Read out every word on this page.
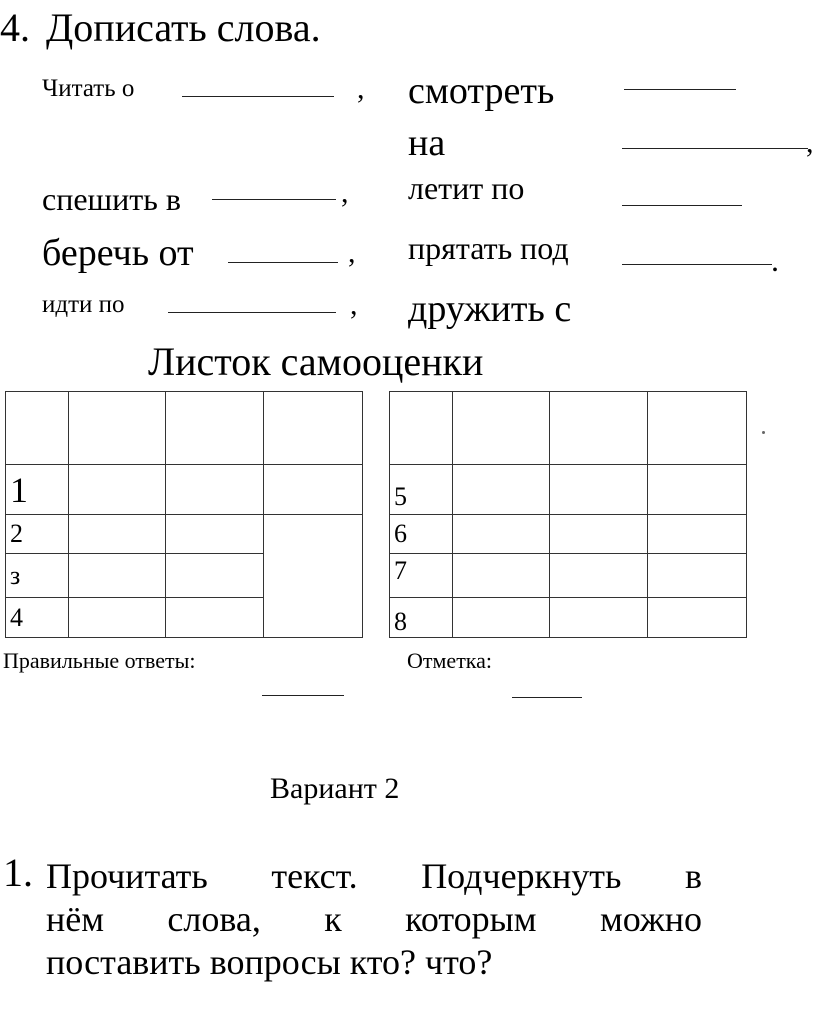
4. Дописать слова.
Читать о	,
спешить в	,
беречь от	,
идти по	,
смотреть
на	,
летит по
прятать под	.
дружить с
Листок самооценки

1			
2			
з			
4			

5			
6			
7			
8			
Правильные ответы:	Отметка:
Вариант 2
1. Прочитать текст. Подчеркнуть в
нём слова, к которым можно
поставить вопросы кто? что?
